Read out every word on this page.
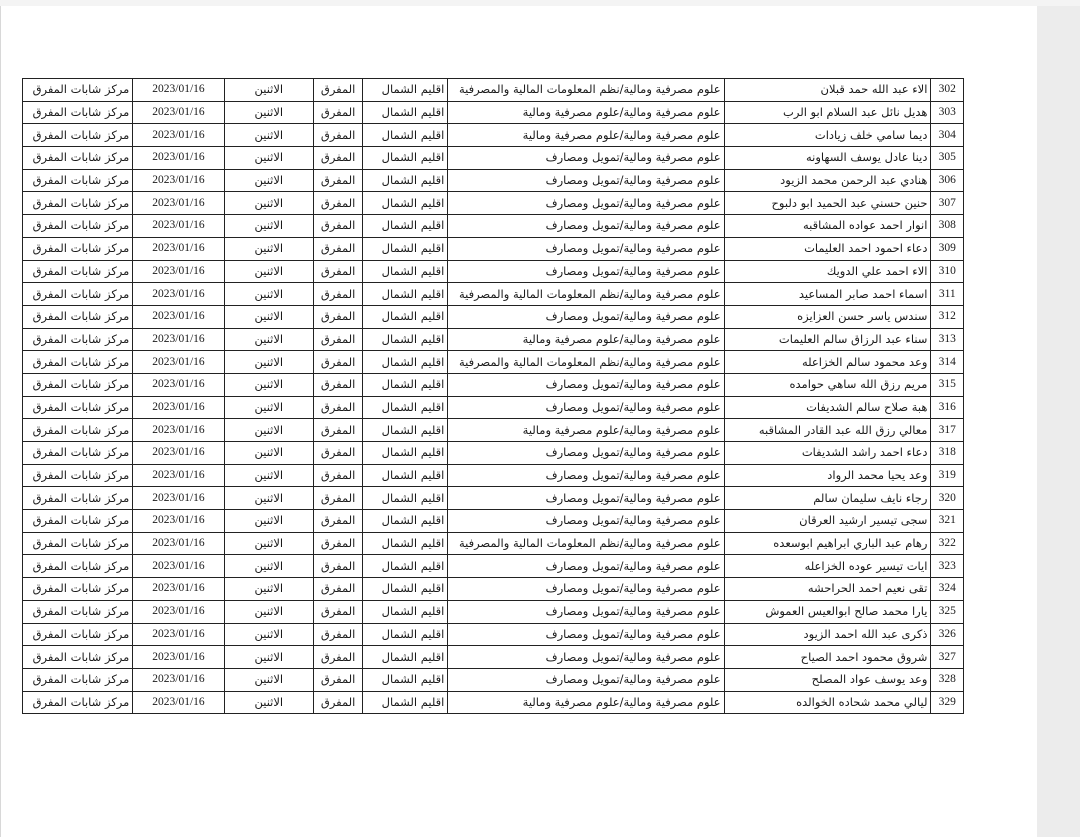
302	الاء عبد الله حمد قبلان	علوم مصرفية ومالية/نظم المعلومات المالية والمصرفية	اقليم الشمال	المفرق	الاثنين	2023/01/16	مركز شابات المفرق
303	هديل نائل عبد السلام ابو الرب	علوم مصرفية ومالية/علوم مصرفية ومالية	اقليم الشمال	المفرق	الاثنين	2023/01/16	مركز شابات المفرق
304	ديما سامي خلف زيادات	علوم مصرفية ومالية/علوم مصرفية ومالية	اقليم الشمال	المفرق	الاثنين	2023/01/16	مركز شابات المفرق
305	دينا عادل يوسف السهاونه	علوم مصرفية ومالية/تمويل ومصارف	اقليم الشمال	المفرق	الاثنين	2023/01/16	مركز شابات المفرق
306	هنادي عبد الرحمن محمد الزيود	علوم مصرفية ومالية/تمويل ومصارف	اقليم الشمال	المفرق	الاثنين	2023/01/16	مركز شابات المفرق
307	حنين حسني عبد الحميد ابو دلبوح	علوم مصرفية ومالية/تمويل ومصارف	اقليم الشمال	المفرق	الاثنين	2023/01/16	مركز شابات المفرق
308	انوار احمد عواده المشاقبه	علوم مصرفية ومالية/تمويل ومصارف	اقليم الشمال	المفرق	الاثنين	2023/01/16	مركز شابات المفرق
309	دعاء احمود احمد العليمات	علوم مصرفية ومالية/تمويل ومصارف	اقليم الشمال	المفرق	الاثنين	2023/01/16	مركز شابات المفرق
310	الاء احمد علي الدويك	علوم مصرفية ومالية/تمويل ومصارف	اقليم الشمال	المفرق	الاثنين	2023/01/16	مركز شابات المفرق
311	اسماء احمد صابر المساعيد	علوم مصرفية ومالية/نظم المعلومات المالية والمصرفية	اقليم الشمال	المفرق	الاثنين	2023/01/16	مركز شابات المفرق
312	سندس ياسر حسن العزايزه	علوم مصرفية ومالية/تمويل ومصارف	اقليم الشمال	المفرق	الاثنين	2023/01/16	مركز شابات المفرق
313	سناء عبد الرزاق سالم العليمات	علوم مصرفية ومالية/علوم مصرفية ومالية	اقليم الشمال	المفرق	الاثنين	2023/01/16	مركز شابات المفرق
314	وعد محمود سالم الخزاعله	علوم مصرفية ومالية/نظم المعلومات المالية والمصرفية	اقليم الشمال	المفرق	الاثنين	2023/01/16	مركز شابات المفرق
315	مريم رزق الله ساهي حوامده	علوم مصرفية ومالية/تمويل ومصارف	اقليم الشمال	المفرق	الاثنين	2023/01/16	مركز شابات المفرق
316	هبة صلاح سالم الشديفات	علوم مصرفية ومالية/تمويل ومصارف	اقليم الشمال	المفرق	الاثنين	2023/01/16	مركز شابات المفرق
317	معالي رزق الله عبد القادر المشاقبه	علوم مصرفية ومالية/علوم مصرفية ومالية	اقليم الشمال	المفرق	الاثنين	2023/01/16	مركز شابات المفرق
318	دعاء احمد راشد الشديفات	علوم مصرفية ومالية/تمويل ومصارف	اقليم الشمال	المفرق	الاثنين	2023/01/16	مركز شابات المفرق
319	وعد يحيا محمد الرواد	علوم مصرفية ومالية/تمويل ومصارف	اقليم الشمال	المفرق	الاثنين	2023/01/16	مركز شابات المفرق
320	رجاء نايف سليمان سالم	علوم مصرفية ومالية/تمويل ومصارف	اقليم الشمال	المفرق	الاثنين	2023/01/16	مركز شابات المفرق
321	سجى تيسير ارشيد العرقان	علوم مصرفية ومالية/تمويل ومصارف	اقليم الشمال	المفرق	الاثنين	2023/01/16	مركز شابات المفرق
322	رهام عبد الباري ابراهيم ابوسعده	علوم مصرفية ومالية/نظم المعلومات المالية والمصرفية	اقليم الشمال	المفرق	الاثنين	2023/01/16	مركز شابات المفرق
323	ايات تيسير عوده الخزاعله	علوم مصرفية ومالية/تمويل ومصارف	اقليم الشمال	المفرق	الاثنين	2023/01/16	مركز شابات المفرق
324	تقى نعيم احمد الحراحشه	علوم مصرفية ومالية/تمويل ومصارف	اقليم الشمال	المفرق	الاثنين	2023/01/16	مركز شابات المفرق
325	يارا محمد صالح ابوالعيس العموش	علوم مصرفية ومالية/تمويل ومصارف	اقليم الشمال	المفرق	الاثنين	2023/01/16	مركز شابات المفرق
326	ذكرى عبد الله احمد الزيود	علوم مصرفية ومالية/تمويل ومصارف	اقليم الشمال	المفرق	الاثنين	2023/01/16	مركز شابات المفرق
327	شروق محمود احمد الصياح	علوم مصرفية ومالية/تمويل ومصارف	اقليم الشمال	المفرق	الاثنين	2023/01/16	مركز شابات المفرق
328	وعد يوسف عواد المصلح	علوم مصرفية ومالية/تمويل ومصارف	اقليم الشمال	المفرق	الاثنين	2023/01/16	مركز شابات المفرق
329	ليالي محمد شحاده الخوالده	علوم مصرفية ومالية/علوم مصرفية ومالية	اقليم الشمال	المفرق	الاثنين	2023/01/16	مركز شابات المفرق
